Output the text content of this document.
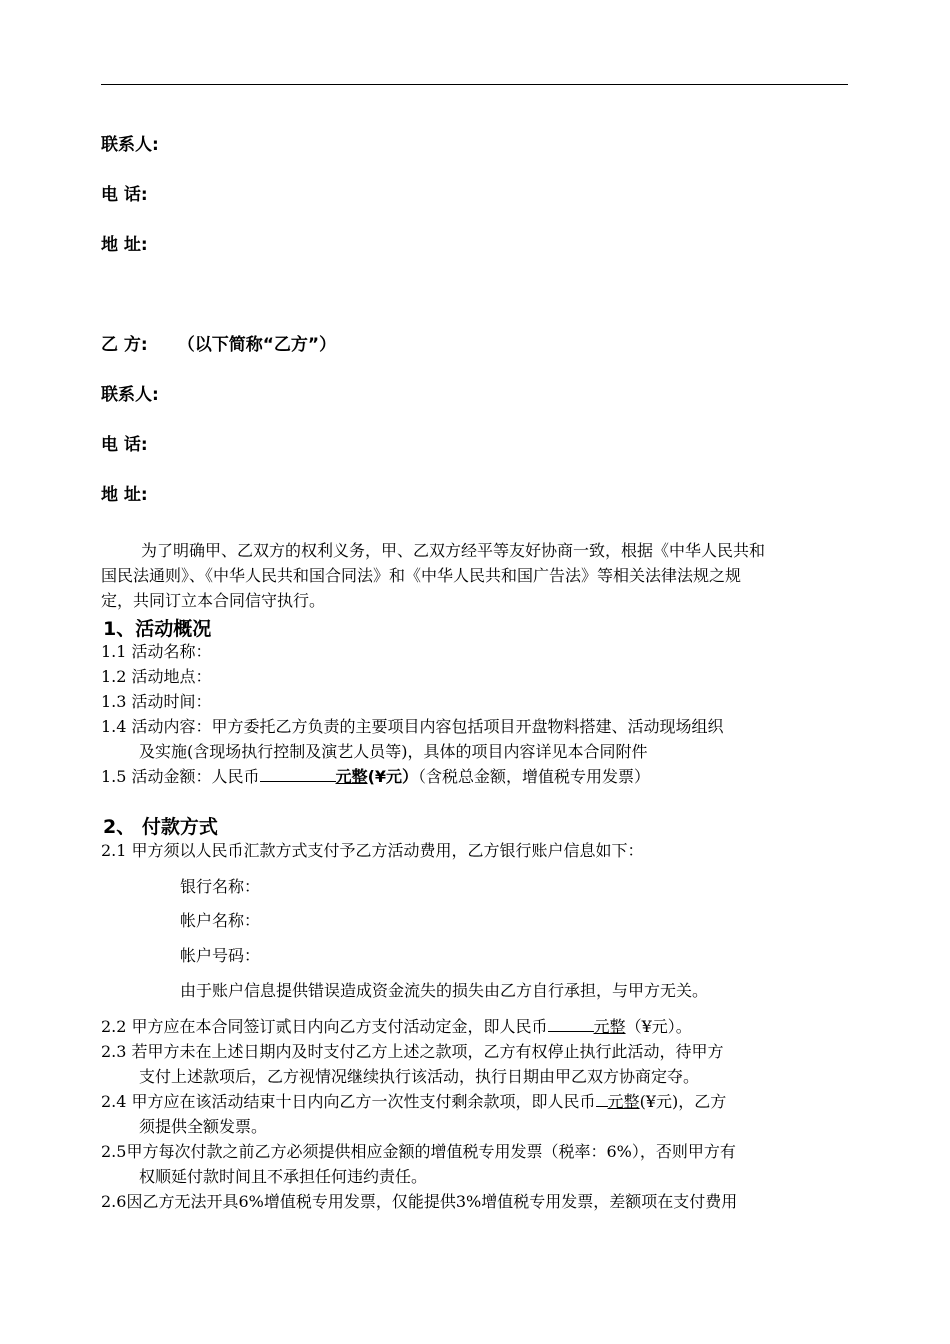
联系人:
电 话:
地 址:
乙 方: （以下简称“乙方”）
联系人:
电 话:
地 址:

为了明确甲、乙双方的权利义务，甲、乙双方经平等友好协商一致，根据《中华人民共和

国民法通则》、《中华人民共和国合同法》和《中华人民共和国广告法》等相关法律法规之规

定，共同订立本合同信守执行。

1、活动概况
1.1 活动名称：
1.2 活动地点：
1.3 活动时间：
1.4 活动内容：甲方委托乙方负责的主要项目内容包括项目开盘物料搭建、活动现场组织
及实施(含现场执行控制及演艺人员等)，具体的项目内容详见本合同附件
1.5 活动金额：人民币	元整(¥元）（含税总金额，增值税专用发票）
2、 付款方式
2.1 甲方须以人民币汇款方式支付予乙方活动费用，乙方银行账户信息如下：
银行名称：
帐户名称：
帐户号码：
由于账户信息提供错误造成资金流失的损失由乙方自行承担，与甲方无关。
2.2 甲方应在本合同签订贰日内向乙方支付活动定金，即人民币	元整（¥元）。
2.3 若甲方未在上述日期内及时支付乙方上述之款项，乙方有权停止执行此活动，待甲方
支付上述款项后，乙方视情况继续执行该活动，执行日期由甲乙双方协商定夺。
2.4 甲方应在该活动结束十日内向乙方一次性支付剩余款项，即人民币 元整(¥元)，乙方
须提供全额发票。
2.5甲方每次付款之前乙方必须提供相应金额的增值税专用发票（税率：6%），否则甲方有
权顺延付款时间且不承担任何违约责任。
2.6因乙方无法开具6%增值税专用发票，仅能提供3%增值税专用发票，差额项在支付费用
